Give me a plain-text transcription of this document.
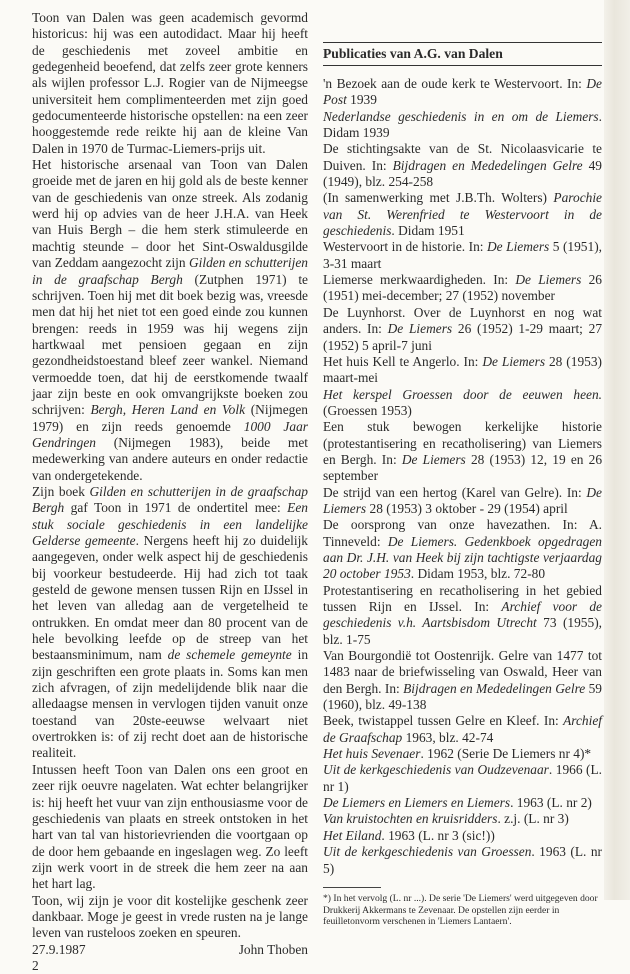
Toon van Dalen was geen academisch gevormd historicus: hij was een autodidact. Maar hij heeft de geschiedenis met zoveel ambitie en gedegenheid beoefend, dat zelfs zeer grote kenners als wijlen professor L.J. Rogier van de Nijmeegse universiteit hem complimenteerden met zijn goed gedocumenteerde historische opstellen: na een zeer hooggestemde rede reikte hij aan de kleine Van Dalen in 1970 de Turmac-Liemers-prijs uit.

Het historische arsenaal van Toon van Dalen groeide met de jaren en hij gold als de beste kenner van de geschiedenis van onze streek. Als zodanig werd hij op advies van de heer J.H.A. van Heek van Huis Bergh – die hem sterk stimuleerde en machtig steunde – door het Sint-Oswaldusgilde van Zeddam aangezocht zijn Gilden en schutterijen in de graafschap Bergh (Zutphen 1971) te schrijven. Toen hij met dit boek bezig was, vreesde men dat hij het niet tot een goed einde zou kunnen brengen: reeds in 1959 was hij wegens zijn hartkwaal met pensioen gegaan en zijn gezondheidstoestand bleef zeer wankel. Niemand vermoedde toen, dat hij de eerstkomende twaalf jaar zijn beste en ook omvangrijkste boeken zou schrijven: Bergh, Heren Land en Volk (Nijmegen 1979) en zijn reeds genoemde 1000 Jaar Gendringen (Nijmegen 1983), beide met medewerking van andere auteurs en onder redactie van ondergetekende.

Zijn boek Gilden en schutterijen in de graafschap Bergh gaf Toon in 1971 de ondertitel mee: Een stuk sociale geschiedenis in een landelijke Gelderse gemeente. Nergens heeft hij zo duidelijk aangegeven, onder welk aspect hij de geschiedenis bij voorkeur bestudeerde. Hij had zich tot taak gesteld de gewone mensen tussen Rijn en IJssel in het leven van alledag aan de vergetelheid te ontrukken. En omdat meer dan 80 procent van de hele bevolking leefde op de streep van het bestaansminimum, nam de schemele gemeynte in zijn geschriften een grote plaats in. Soms kan men zich afvragen, of zijn medelijdende blik naar die alledaagse mensen in vervlogen tijden vanuit onze toestand van 20ste-eeuwse welvaart niet overtrokken is: of zij recht doet aan de historische realiteit.

Intussen heeft Toon van Dalen ons een groot en zeer rijk oeuvre nagelaten. Wat echter belangrijker is: hij heeft het vuur van zijn enthousiasme voor de geschiedenis van plaats en streek ontstoken in het hart van tal van historievrienden die voortgaan op de door hem gebaande en ingeslagen weg. Zo leeft zijn werk voort in de streek die hem zeer na aan het hart lag.

Toon, wij zijn je voor dit kostelijke geschenk zeer dankbaar. Moge je geest in vrede rusten na je lange leven van rusteloos zoeken en speuren.

27.9.1987	John Thoben

2

Publicaties van A.G. van Dalen

'n Bezoek aan de oude kerk te Westervoort. In: De Post 1939

Nederlandse geschiedenis in en om de Liemers. Didam 1939

De stichtingsakte van de St. Nicolaasvicarie te Duiven. In: Bijdragen en Mededelingen Gelre 49 (1949), blz. 254-258

(In samenwerking met J.B.Th. Wolters) Parochie van St. Werenfried te Westervoort in de geschiedenis. Didam 1951

Westervoort in de historie. In: De Liemers 5 (1951), 3-31 maart

Liemerse merkwaardigheden. In: De Liemers 26 (1951) mei-december; 27 (1952) november

De Luynhorst. Over de Luynhorst en nog wat anders. In: De Liemers 26 (1952) 1-29 maart; 27 (1952) 5 april-7 juni

Het huis Kell te Angerlo. In: De Liemers 28 (1953) maart-mei

Het kerspel Groessen door de eeuwen heen. (Groessen 1953)

Een stuk bewogen kerkelijke historie (protestantisering en recatholisering) van Liemers en Bergh. In: De Liemers 28 (1953) 12, 19 en 26 september

De strijd van een hertog (Karel van Gelre). In: De Liemers 28 (1953) 3 oktober - 29 (1954) april

De oorsprong van onze havezathen. In: A. Tinneveld: De Liemers. Gedenkboek opgedragen aan Dr. J.H. van Heek bij zijn tachtigste verjaardag 20 october 1953. Didam 1953, blz. 72-80

Protestantisering en recatholisering in het gebied tussen Rijn en IJssel. In: Archief voor de geschiedenis v.h. Aartsbisdom Utrecht 73 (1955), blz. 1-75

Van Bourgondië tot Oostenrijk. Gelre van 1477 tot 1483 naar de briefwisseling van Oswald, Heer van den Bergh. In: Bijdragen en Mededelingen Gelre 59 (1960), blz. 49-138

Beek, twistappel tussen Gelre en Kleef. In: Archief de Graafschap 1963, blz. 42-74

Het huis Sevenaer. 1962 (Serie De Liemers nr 4)*

Uit de kerkgeschiedenis van Oudzevenaar. 1966 (L. nr 1)

De Liemers en Liemers en Liemers. 1963 (L. nr 2)

Van kruistochten en kruisridders. z.j. (L. nr 3)

Het Eiland. 1963 (L. nr 3 (sic!))

Uit de kerkgeschiedenis van Groessen. 1963 (L. nr 5)

*) In het vervolg (L. nr ...). De serie 'De Liemers' werd uitgegeven door Drukkerij Akkermans te Zevenaar. De opstellen zijn eerder in feuilletonvorm verschenen in 'Liemers Lantaern'.
